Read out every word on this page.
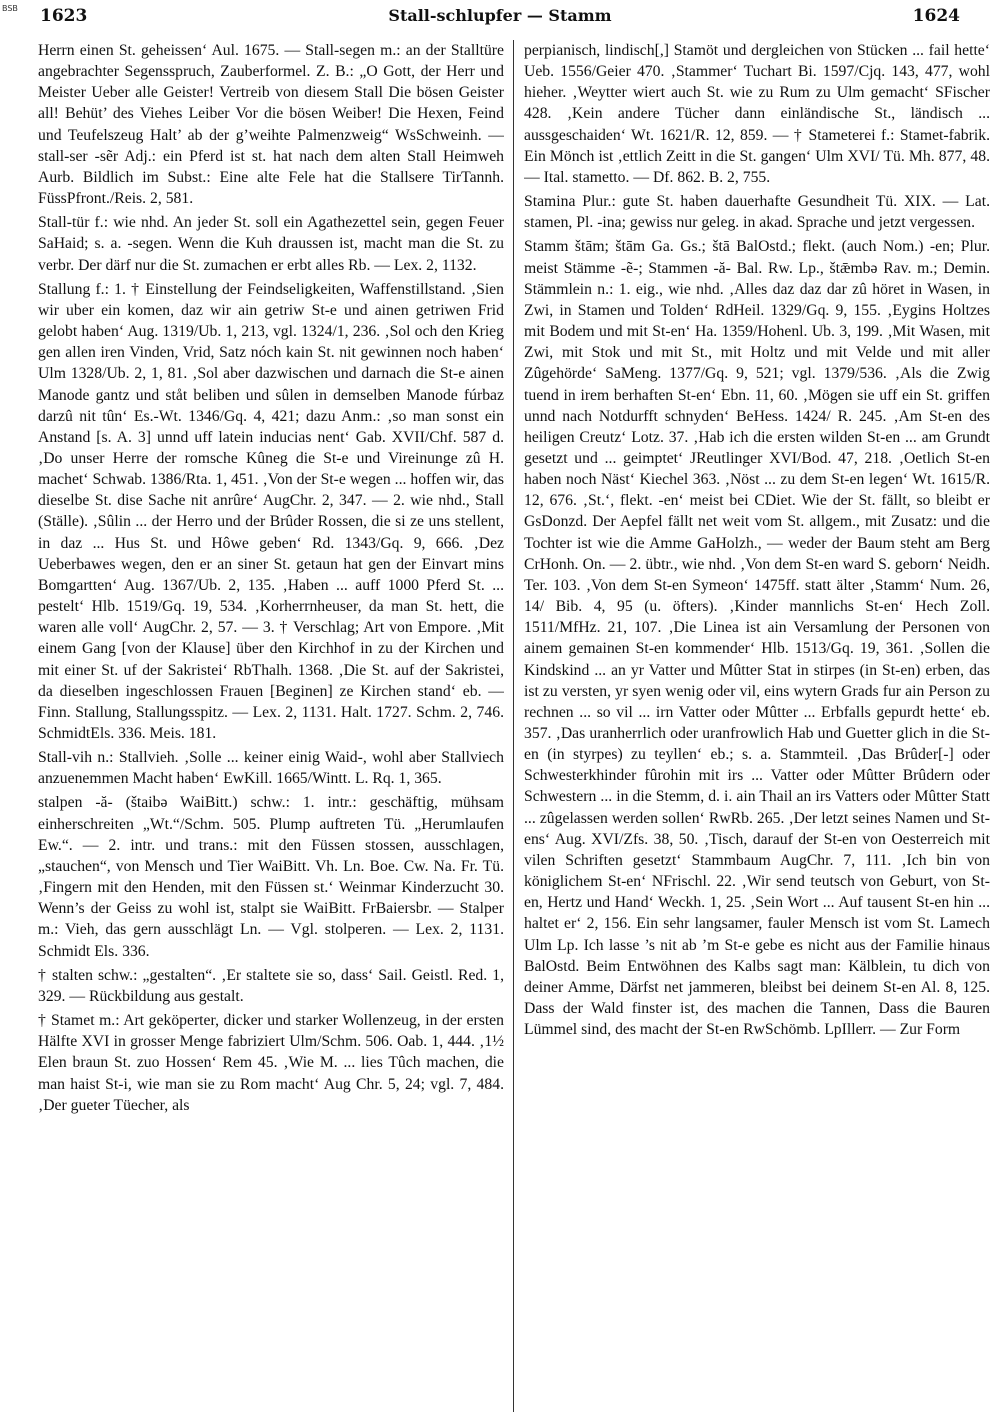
BSB 1623	Stall-schlupfer — Stamm	1624

Herrn einen St. geheissen‘ Aul. 1675. — Stall-segen m.: an der Stalltüre angebrachter Segensspruch, Zauberformel. Z. B.: „O Gott, der Herr und Meister Ueber alle Geister! Vertreib von diesem Stall Die bösen Geister all! Behüt’ des Viehes Leiber Vor die bösen Weiber! Die Hexen, Feind und Teufelszeug Halt’ ab der g’weihte Palmenzweig“ WsSchweinh. — stall-ser -sẽr Adj.: ein Pferd ist st. hat nach dem alten Stall Heimweh Aurb. Bildlich im Subst.: Eine alte Fele hat die Stallsere TirTannh. FüssPfront./Reis. 2, 581.

Stall-tür f.: wie nhd. An jeder St. soll ein Agathezettel sein, gegen Feuer SaHaid; s. a. -segen. Wenn die Kuh draussen ist, macht man die St. zu verbr. Der därf nur die St. zumachen er erbt alles Rb. — Lex. 2, 1132.

Stallung f.: 1. † Einstellung der Feindseligkeiten, Waffenstillstand. ‚Sien wir uber ein komen, daz wir ain getriw St-e und ainen getriwen Frid gelobt haben‘ Aug. 1319/Ub. 1, 213, vgl. 1324/1, 236. ‚Sol och den Krieg gen allen iren Vinden, Vrid, Satz nóch kain St. nit gewinnen noch haben‘ Ulm 1328/Ub. 2, 1, 81. ‚Sol aber dazwischen und darnach die St-e ainen Manode gantz und ståt beliben und sûlen in demselben Manode fúrbaz darzû nit tûn‘ Es.-Wt. 1346/Gq. 4, 421; dazu Anm.: ‚so man sonst ein Anstand [s. A. 3] unnd uff latein inducias nent‘ Gab. XVII/Chf. 587 d. ‚Do unser Herre der romsche Kûneg die St-e und Vireinunge zû H. machet‘ Schwab. 1386/Rta. 1, 451. ‚Von der St-e wegen ... hoffen wir, das dieselbe St. dise Sache nit anrûre‘ AugChr. 2, 347. — 2. wie nhd., Stall (Ställe). ‚Sûlin ... der Herro und der Brûder Rossen, die si ze uns stellent, in daz ... Hus St. und Hôwe geben‘ Rd. 1343/Gq. 9, 666. ‚Dez Ueberbawes wegen, den er an siner St. getaun hat gen der Einvart mins Bomgartten‘ Aug. 1367/Ub. 2, 135. ‚Haben ... auff 1000 Pferd St. ... pestelt‘ Hlb. 1519/Gq. 19, 534. ‚Korherrnheuser, da man St. hett, die waren alle voll‘ AugChr. 2, 57. — 3. † Verschlag; Art von Empore. ‚Mit einem Gang [von der Klause] über den Kirchhof in zu der Kirchen und mit einer St. uf der Sakristei‘ RbThalh. 1368. ‚Die St. auf der Sakristei, da dieselben ingeschlossen Frauen [Beginen] ze Kirchen stand‘ eb. — Finn. Stallung, Stallungsspitz. — Lex. 2, 1131. Halt. 1727. Schm. 2, 746. SchmidtEls. 336. Meis. 181.

Stall-vih n.: Stallvieh. ‚Solle ... keiner einig Waid-, wohl aber Stallviech anzuenemmen Macht haben‘ EwKill. 1665/Wintt. L. Rq. 1, 365.

stalpen -ă- (štaibə WaiBitt.) schw.: 1. intr.: geschäftig, mühsam einherschreiten „Wt.“/Schm. 505. Plump auftreten Tü. „Herumlaufen Ew.“. — 2. intr. und trans.: mit den Füssen stossen, ausschlagen, „stauchen“, von Mensch und Tier WaiBitt. Vh. Ln. Boe. Cw. Na. Fr. Tü. ‚Fingern mit den Henden, mit den Füssen st.‘ Weinmar Kinderzucht 30. Wenn’s der Geiss zu wohl ist, stalpt sie WaiBitt. FrBaiersbr. — Stalper m.: Vieh, das gern ausschlägt Ln. — Vgl. stolperen. — Lex. 2, 1131. Schmidt Els. 336.

† stalten schw.: „gestalten“. ‚Er staltete sie so, dass‘ Sail. Geistl. Red. 1, 329. — Rückbildung aus gestalt.

† Stamet m.: Art geköperter, dicker und starker Wollenzeug, in der ersten Hälfte XVI in grosser Menge fabriziert Ulm/Schm. 506. Oab. 1, 444. ‚1½ Elen braun St. zuo Hossen‘ Rem 45. ‚Wie M. ... lies Tûch machen, die man haist St-i, wie man sie zu Rom macht‘ Aug Chr. 5, 24; vgl. 7, 484. ‚Der gueter Tüecher, als

perpianisch, lindisch[,] Stamöt und dergleichen von Stücken ... fail hette‘ Ueb. 1556/Geier 470. ‚Stammer‘ Tuchart Bi. 1597/Cjq. 143, 477, wohl hieher. ‚Weytter wiert auch St. wie zu Rum zu Ulm gemacht‘ SFischer 428. ‚Kein andere Tücher dann einländische St., ländisch ... aussgeschaiden‘ Wt. 1621/R. 12, 859. — † Stameterei f.: Stamet-fabrik. Ein Mönch ist ‚ettlich Zeitt in die St. gangen‘ Ulm XVI/ Tü. Mh. 877, 48. — Ital. stametto. — Df. 862. B. 2, 755.

Stamina Plur.: gute St. haben dauerhafte Gesundheit Tü. XIX. — Lat. stamen, Pl. -ina; gewiss nur geleg. in akad. Sprache und jetzt vergessen.

Stamm štām; štām Ga. Gs.; štā BalOstd.; flekt. (auch Nom.) -en; Plur. meist Stämme -ẽ-; Stammen -ă- Bal. Rw. Lp., štǣmbə Rav. m.; Demin. Stämmlein n.: 1. eig., wie nhd. ‚Alles daz daz dar zû höret in Wasen, in Zwi, in Stamen und Tolden‘ RdHeil. 1329/Gq. 9, 155. ‚Eygins Holtzes mit Bodem und mit St-en‘ Ha. 1359/Hohenl. Ub. 3, 199. ‚Mit Wasen, mit Zwi, mit Stok und mit St., mit Holtz und mit Velde und mit aller Zûgehörde‘ SaMeng. 1377/Gq. 9, 521; vgl. 1379/536. ‚Als die Zwig tuend in irem berhaften St-en‘ Ebn. 11, 60. ‚Mögen sie uff ein St. griffen unnd nach Notdurfft schnyden‘ BeHess. 1424/ R. 245. ‚Am St-en des heiligen Creutz‘ Lotz. 37. ‚Hab ich die ersten wilden St-en ... am Grundt gesetzt und ... geimptet‘ JReutlinger XVI/Bod. 47, 218. ‚Oetlich St-en haben noch Näst‘ Kiechel 363. ‚Nöst ... zu dem St-en legen‘ Wt. 1615/R. 12, 676. ‚St.‘, flekt. -en‘ meist bei CDiet. Wie der St. fällt, so bleibt er GsDonzd. Der Aepfel fällt net weit vom St. allgem., mit Zusatz: und die Tochter ist wie die Amme GaHolzh., — weder der Baum steht am Berg CrHonh. On. — 2. übtr., wie nhd. ‚Von dem St-en ward S. geborn‘ Neidh. Ter. 103. ‚Von dem St-en Symeon‘ 1475ff. statt älter ‚Stamm‘ Num. 26, 14/ Bib. 4, 95 (u. öfters). ‚Kinder mannlichs St-en‘ Hech Zoll. 1511/MfHz. 21, 107. ‚Die Linea ist ain Versamlung der Personen von ainem gemainen St-en kommender‘ Hlb. 1513/Gq. 19, 361. ‚Sollen die Kindskind ... an yr Vatter und Mûtter Stat in stirpes (in St-en) erben, das ist zu versten, yr syen wenig oder vil, eins wytern Grads fur ain Person zu rechnen ... so vil ... irn Vatter oder Mûtter ... Erbfalls gepurdt hette‘ eb. 357. ‚Das uranherrlich oder uranfrowlich Hab und Guetter glich in die St-en (in styrpes) zu teyllen‘ eb.; s. a. Stammteil. ‚Das Brûder[-] oder Schwesterkhinder fûrohin mit irs ... Vatter oder Mûtter Brûdern oder Schwestern ... in die Stemm, d. i. ain Thail an irs Vatters oder Mûtter Statt ... zûgelassen werden sollen‘ RwRb. 265. ‚Der letzt seines Namen und St-ens‘ Aug. XVI/Zfs. 38, 50. ‚Tisch, darauf der St-en von Oesterreich mit vilen Schriften gesetzt‘ Stammbaum AugChr. 7, 111. ‚Ich bin von königlichem St-en‘ NFrischl. 22. ‚Wir send teutsch von Geburt, von St-en, Hertz und Hand‘ Weckh. 1, 25. ‚Sein Wort ... Auf tausent St-en hin ... haltet er‘ 2, 156. Ein sehr langsamer, fauler Mensch ist vom St. Lamech Ulm Lp. Ich lasse ’s nit ab ’m St-e gebe es nicht aus der Familie hinaus BalOstd. Beim Entwöhnen des Kalbs sagt man: Kälblein, tu dich von deiner Amme, Därfst net jammeren, bleibst bei deinem St-en Al. 8, 125. Dass der Wald finster ist, des machen die Tannen, Dass die Bauren Lümmel sind, des macht der St-en RwSchömb. LpIllerr. — Zur Form
